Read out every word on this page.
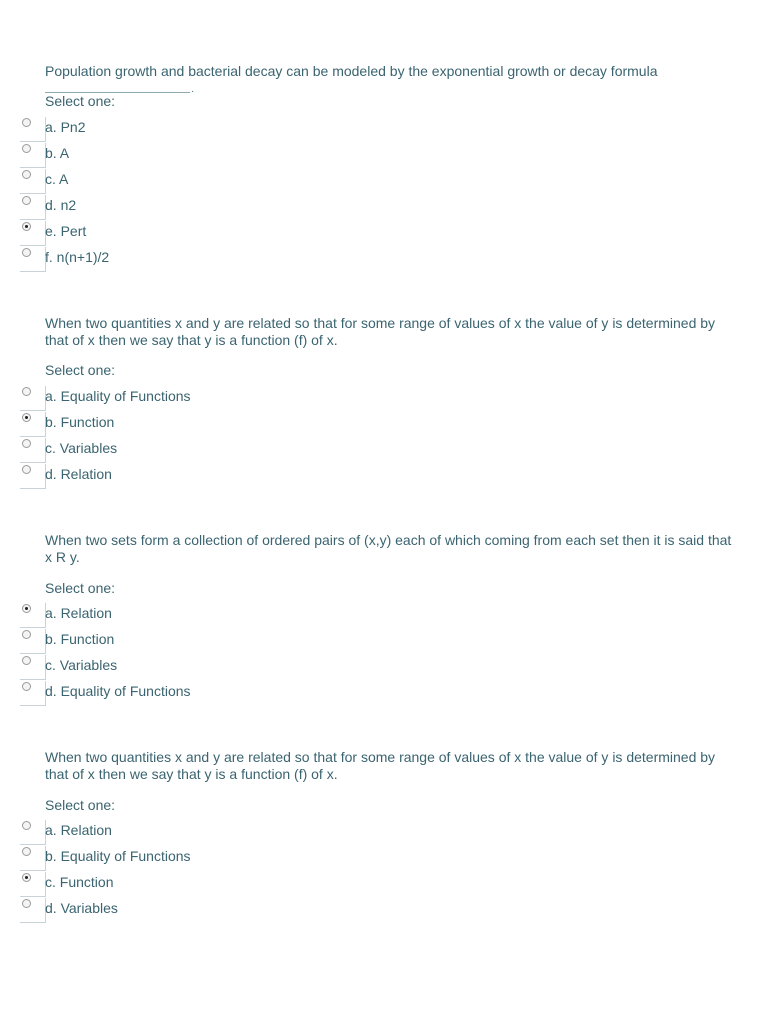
Population growth and bacterial decay can be modeled by the exponential growth or decay formula

.

Select one:
a. Pn2
b. A
c. A
d. n2
e. Pert
f. n(n+1)/2
When two quantities x and y are related so that for some range of values of x the value of y is determined by that of x then we say that y is a function (f) of x.
Select one:
a. Equality of Functions
b. Function
c. Variables
d. Relation
When two sets form a collection of ordered pairs of (x,y) each of which coming from each set then it is said that x R y.
Select one:
a. Relation
b. Function
c. Variables
d. Equality of Functions
When two quantities x and y are related so that for some range of values of x the value of y is determined by that of x then we say that y is a function (f) of x.
Select one:
a. Relation
b. Equality of Functions
c. Function
d. Variables
